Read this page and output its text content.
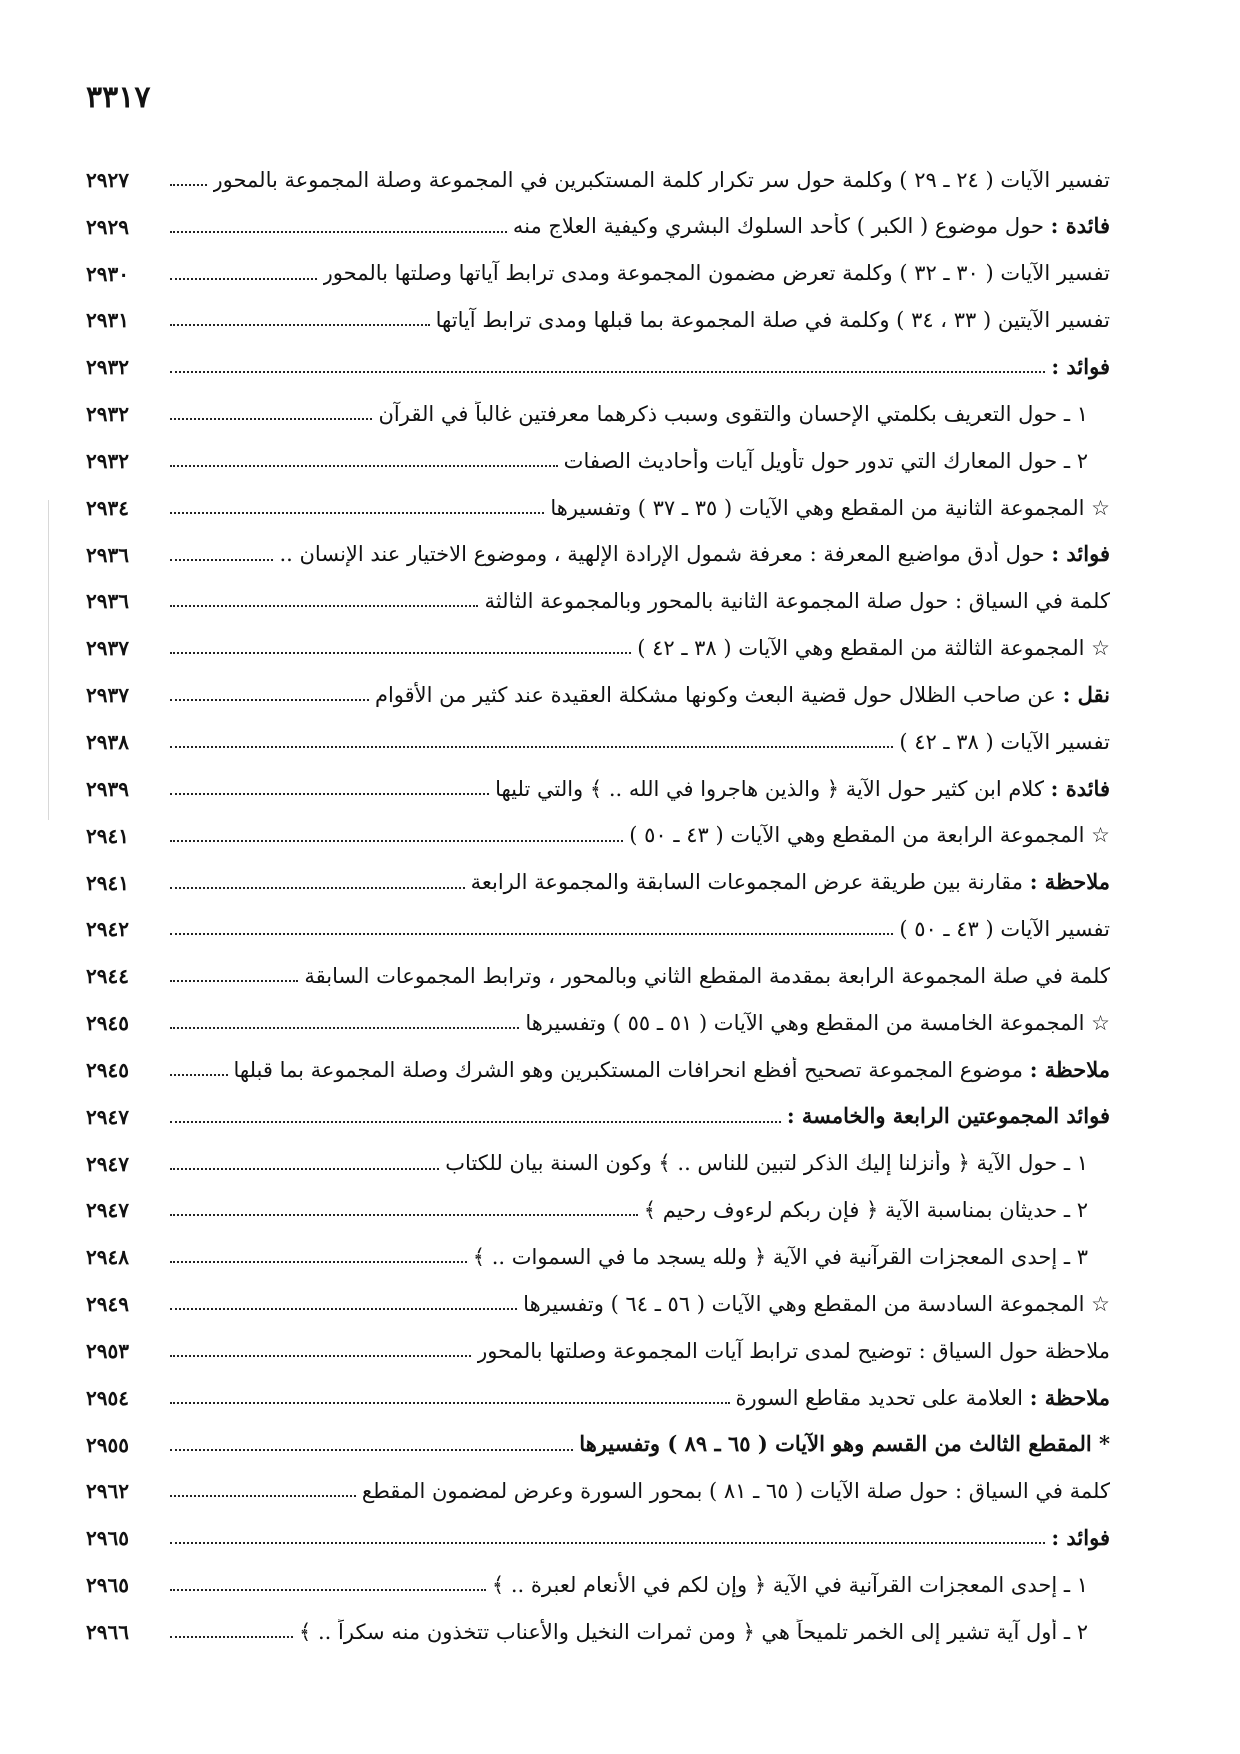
٣٣١٧
تفسير الآيات ( ٢٤ ـ ٢٩ ) وكلمة حول سر تكرار كلمة المستكبرين في المجموعة وصلة المجموعة بالمحور
٢٩٢٧
فائدة : حول موضوع ( الكبر ) كأحد السلوك البشري وكيفية العلاج منه
٢٩٢٩
تفسير الآيات ( ٣٠ ـ ٣٢ ) وكلمة تعرض مضمون المجموعة ومدى ترابط آياتها وصلتها بالمحور
٢٩٣٠
تفسير الآيتين ( ٣٣ ، ٣٤ ) وكلمة في صلة المجموعة بما قبلها ومدى ترابط آياتها
٢٩٣١
فوائد :
٢٩٣٢
١ ـ حول التعريف بكلمتي الإحسان والتقوى وسبب ذكرهما معرفتين غالباً في القرآن
٢٩٣٢
٢ ـ حول المعارك التي تدور حول تأويل آيات وأحاديث الصفات
٢٩٣٢
☆ المجموعة الثانية من المقطع وهي الآيات ( ٣٥ ـ ٣٧ ) وتفسيرها
٢٩٣٤
فوائد : حول أدق مواضيع المعرفة : معرفة شمول الإرادة الإلهية ، وموضوع الاختيار عند الإنسان ..
٢٩٣٦
كلمة في السياق : حول صلة المجموعة الثانية بالمحور وبالمجموعة الثالثة
٢٩٣٦
☆ المجموعة الثالثة من المقطع وهي الآيات ( ٣٨ ـ ٤٢ )
٢٩٣٧
نقل : عن صاحب الظلال حول قضية البعث وكونها مشكلة العقيدة عند كثير من الأقوام
٢٩٣٧
تفسير الآيات ( ٣٨ ـ ٤٢ )
٢٩٣٨
فائدة : كلام ابن كثير حول الآية ﴿ والذين هاجروا في الله .. ﴾ والتي تليها
٢٩٣٩
☆ المجموعة الرابعة من المقطع وهي الآيات ( ٤٣ ـ ٥٠ )
٢٩٤١
ملاحظة : مقارنة بين طريقة عرض المجموعات السابقة والمجموعة الرابعة
٢٩٤١
تفسير الآيات ( ٤٣ ـ ٥٠ )
٢٩٤٢
كلمة في صلة المجموعة الرابعة بمقدمة المقطع الثاني وبالمحور ، وترابط المجموعات السابقة
٢٩٤٤
☆ المجموعة الخامسة من المقطع وهي الآيات ( ٥١ ـ ٥٥ ) وتفسيرها
٢٩٤٥
ملاحظة : موضوع المجموعة تصحيح أفظع انحرافات المستكبرين وهو الشرك وصلة المجموعة بما قبلها
٢٩٤٥
فوائد المجموعتين الرابعة والخامسة :
٢٩٤٧
١ ـ حول الآية ﴿ وأنزلنا إليك الذكر لتبين للناس .. ﴾ وكون السنة بيان للكتاب
٢٩٤٧
٢ ـ حديثان بمناسبة الآية ﴿ فإن ربكم لرءوف رحيم ﴾
٢٩٤٧
٣ ـ إحدى المعجزات القرآنية في الآية ﴿ ولله يسجد ما في السموات .. ﴾
٢٩٤٨
☆ المجموعة السادسة من المقطع وهي الآيات ( ٥٦ ـ ٦٤ ) وتفسيرها
٢٩٤٩
ملاحظة حول السياق : توضيح لمدى ترابط آيات المجموعة وصلتها بالمحور
٢٩٥٣
ملاحظة : العلامة على تحديد مقاطع السورة
٢٩٥٤
* المقطع الثالث من القسم وهو الآيات ( ٦٥ ـ ٨٩ ) وتفسيرها
٢٩٥٥
كلمة في السياق : حول صلة الآيات ( ٦٥ ـ ٨١ ) بمحور السورة وعرض لمضمون المقطع
٢٩٦٢
فوائد :
٢٩٦٥
١ ـ إحدى المعجزات القرآنية في الآية ﴿ وإن لكم في الأنعام لعبرة .. ﴾
٢٩٦٥
٢ ـ أول آية تشير إلى الخمر تلميحاً هي ﴿ ومن ثمرات النخيل والأعناب تتخذون منه سكراً .. ﴾
٢٩٦٦
